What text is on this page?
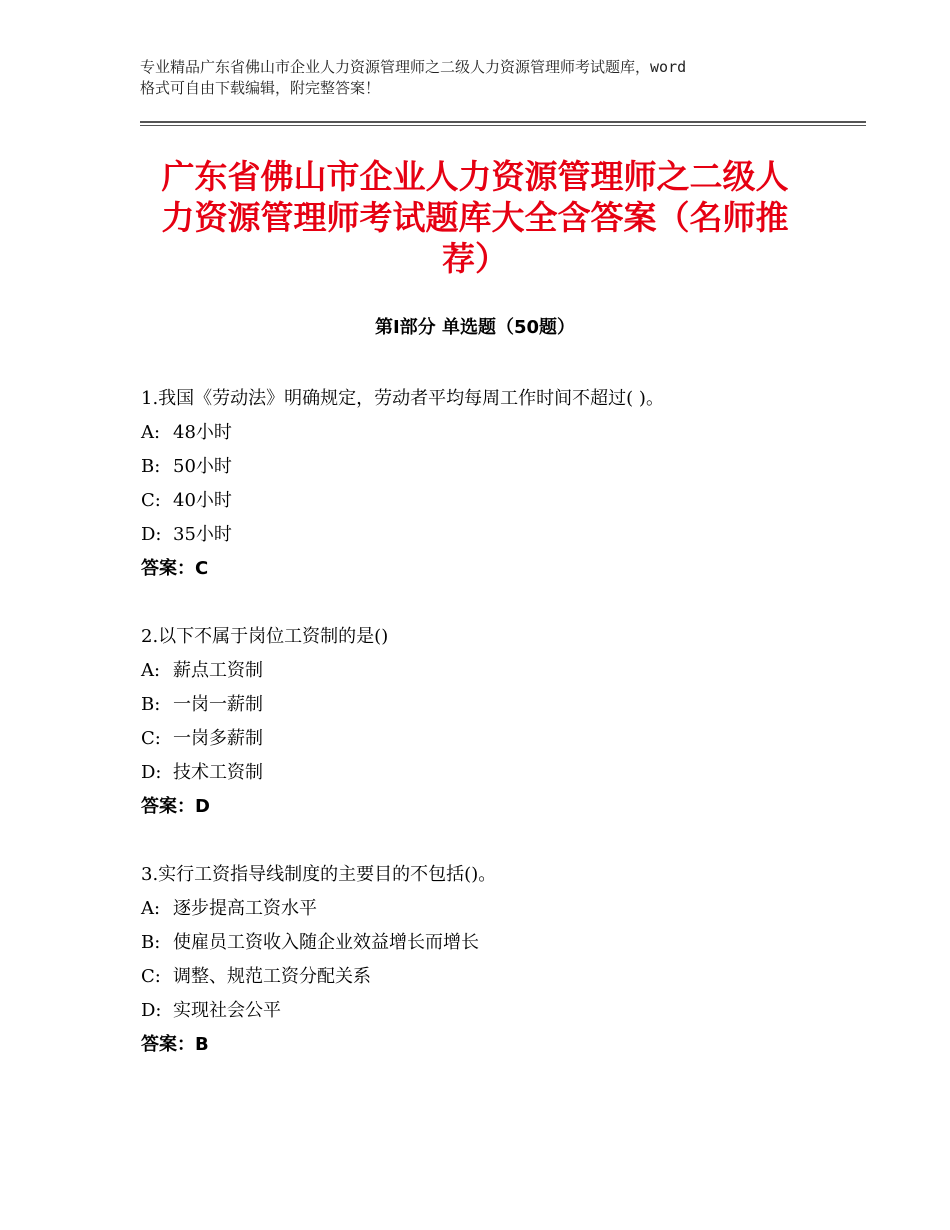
专业精品广东省佛山市企业人力资源管理师之二级人力资源管理师考试题库，word
格式可自由下载编辑，附完整答案！
广东省佛山市企业人力资源管理师之二级人
力资源管理师考试题库大全含答案（名师推
荐）
第Ⅰ部分 单选题（50题）
1.我国《劳动法》明确规定，劳动者平均每周工作时间不超过( )。
A: 48小时
B: 50小时
C: 40小时
D: 35小时
答案：C
2.以下不属于岗位工资制的是()
A: 薪点工资制
B: 一岗一薪制
C: 一岗多薪制
D: 技术工资制
答案：D
3.实行工资指导线制度的主要目的不包括()。
A: 逐步提高工资水平
B: 使雇员工资收入随企业效益增长而增长
C: 调整、规范工资分配关系
D: 实现社会公平
答案：B
